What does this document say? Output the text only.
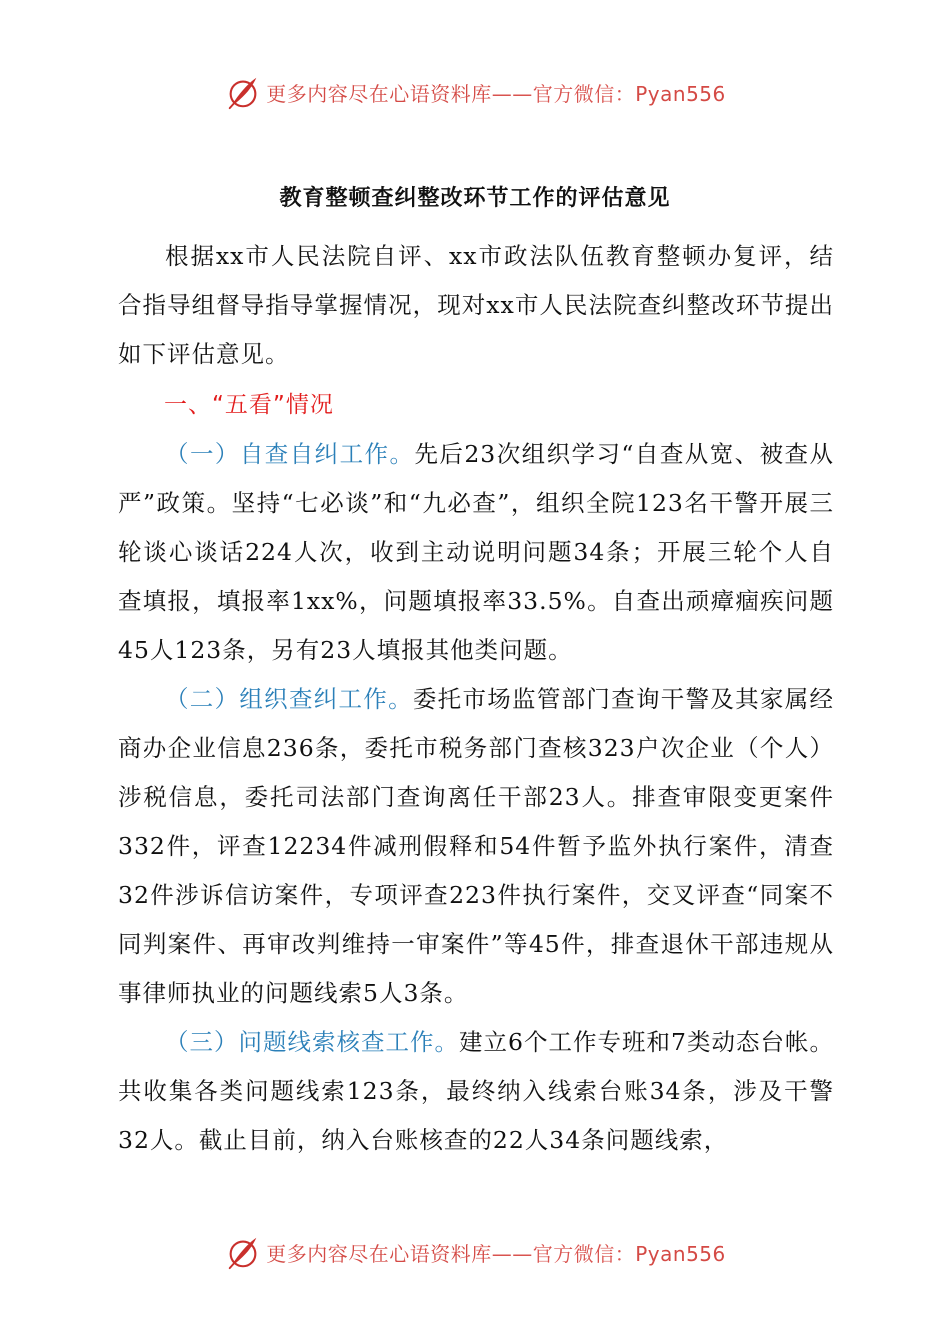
更多内容尽在心语资料库——官方微信：Pyan556
教育整顿查纠整改环节工作的评估意见

根据xx市人民法院自评、xx市政法队伍教育整顿办复评，结合指导组督导指导掌握情况，现对xx市人民法院查纠整改环节提出如下评估意见。

一、“五看”情况

（一）自查自纠工作。先后23次组织学习“自查从宽、被查从严”政策。坚持“七必谈”和“九必查”，组织全院123名干警开展三轮谈心谈话224人次，收到主动说明问题34条；开展三轮个人自查填报，填报率1xx%，问题填报率33.5%。自查出顽瘴痼疾问题45人123条，另有23人填报其他类问题。

（二）组织查纠工作。委托市场监管部门查询干警及其家属经商办企业信息236条，委托市税务部门查核323户次企业（个人）涉税信息，委托司法部门查询离任干部23人。排查审限变更案件332件，评查12234件减刑假释和54件暂予监外执行案件，清查32件涉诉信访案件，专项评查223件执行案件，交叉评查“同案不同判案件、再审改判维持一审案件”等45件，排查退休干部违规从事律师执业的问题线索5人3条。

（三）问题线索核查工作。建立6个工作专班和7类动态台帐。共收集各类问题线索123条，最终纳入线索台账34条，涉及干警32人。截止目前，纳入台账核查的22人34条问题线索，

更多内容尽在心语资料库——官方微信：Pyan556
